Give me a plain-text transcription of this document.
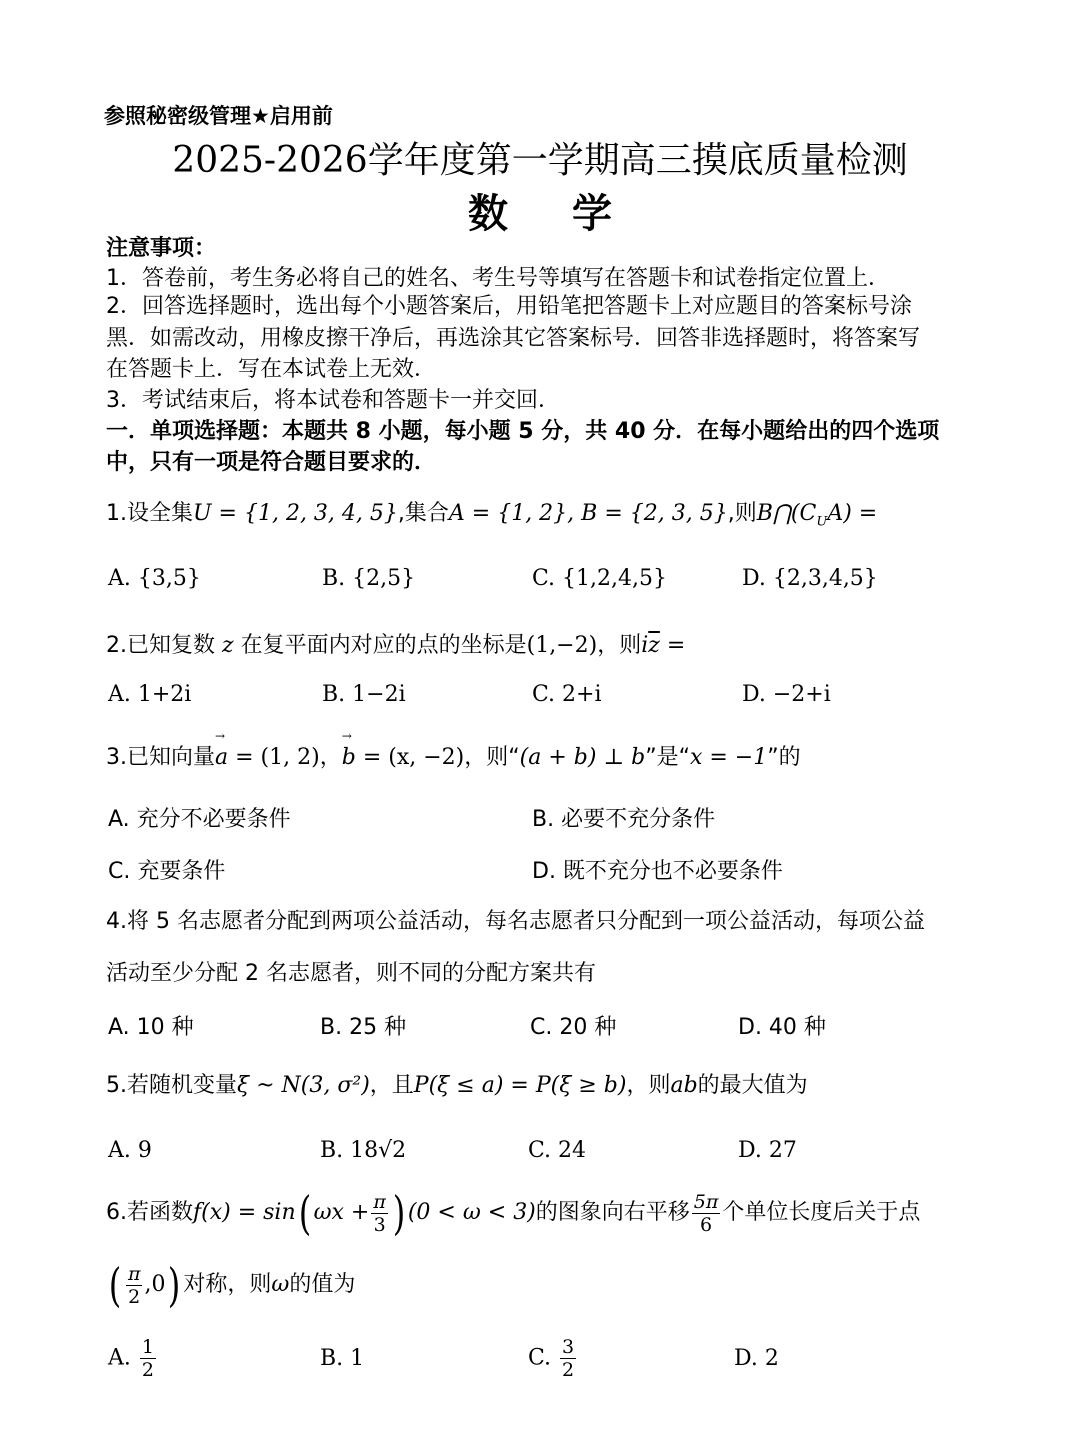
参照秘密级管理★启用前
2025-2026学年度第一学期高三摸底质量检测
数学
注意事项：
1．答卷前，考生务必将自己的姓名、考生号等填写在答题卡和试卷指定位置上．
2．回答选择题时，选出每个小题答案后，用铅笔把答题卡上对应题目的答案标号涂
黑．如需改动，用橡皮擦干净后，再选涂其它答案标号．回答非选择题时，将答案写
在答题卡上．写在本试卷上无效．
3．考试结束后，将本试卷和答题卡一并交回．
一．单项选择题：本题共 8 小题，每小题 5 分，共 40 分．在每小题给出的四个选项
中，只有一项是符合题目要求的．
1.设全集U = {1, 2, 3, 4, 5},集合A = {1, 2}, B = {2, 3, 5},则$B⋂(C_UA)$ =
A. {3,5}	B. {2,5}	C. {1,2,4,5}	D. {2,3,4,5}
2.已知复数 z 在复平面内对应的点的坐标是(1,−2)，则$i\overline{z}$ =
A. 1+2i	B. 1−2i	C. 2+i	D. −2+i
3.已知向量→ a = (1, 2)，→ b = (x, −2)，则“(a + b) ⊥ b”是“x = −1”的
A. 充分不必要条件	B. 必要不充分条件
C. 充要条件	D. 既不充分也不必要条件
4.将 5 名志愿者分配到两项公益活动，每名志愿者只分配到一项公益活动，每项公益
活动至少分配 2 名志愿者，则不同的分配方案共有
A. 10 种	B. 25 种	C. 20 种	D. 40 种
5.若随机变量ξ ~ N(3, σ²)，且P(ξ ≤ a) = P(ξ ≥ b)，则ab的最大值为
A. 9	B. 18√2	C. 24	D. 27
6.若函数f(x) = sin( $\omega x + \frac{\pi}{3}$ ) (0 < ω < 3)的图象向右平移 $\frac{5\pi}{6}$ 个单位长度后关于点
( $\frac{\pi}{2} ,0$) 对称，则ω的值为
A. $\frac{1}{2}$	B. 1	C. $\frac{3}{2}$	D. 2
